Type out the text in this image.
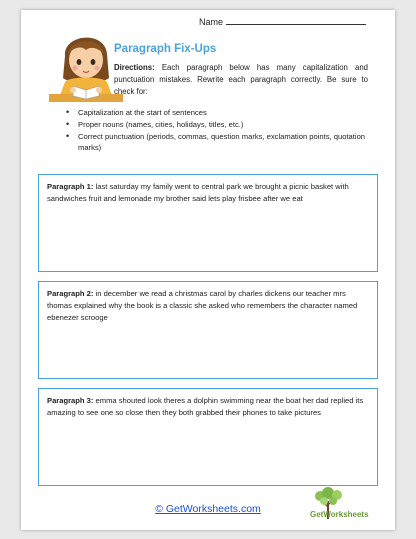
Name
Paragraph Fix-Ups
Directions: Each paragraph below has many capitalization and punctuation mistakes. Rewrite each paragraph correctly. Be sure to check for:
• Capitalization at the start of sentences
• Proper nouns (names, cities, holidays, titles, etc.)
• Correct punctuation (periods, commas, question marks, exclamation points, quotation marks)
Paragraph 1: last saturday my family went to central park we brought a picnic basket with sandwiches fruit and lemonade my brother said lets play frisbee after we eat
Paragraph 2: in december we read a christmas carol by charles dickens our teacher mrs thomas explained why the book is a classic she asked who remembers the character named ebenezer scrooge
Paragraph 3: emma shouted look theres a dolphin swimming near the boat her dad replied its amazing to see one so close then they both grabbed their phones to take pictures
© GetWorksheets.com	GetWorksheets
